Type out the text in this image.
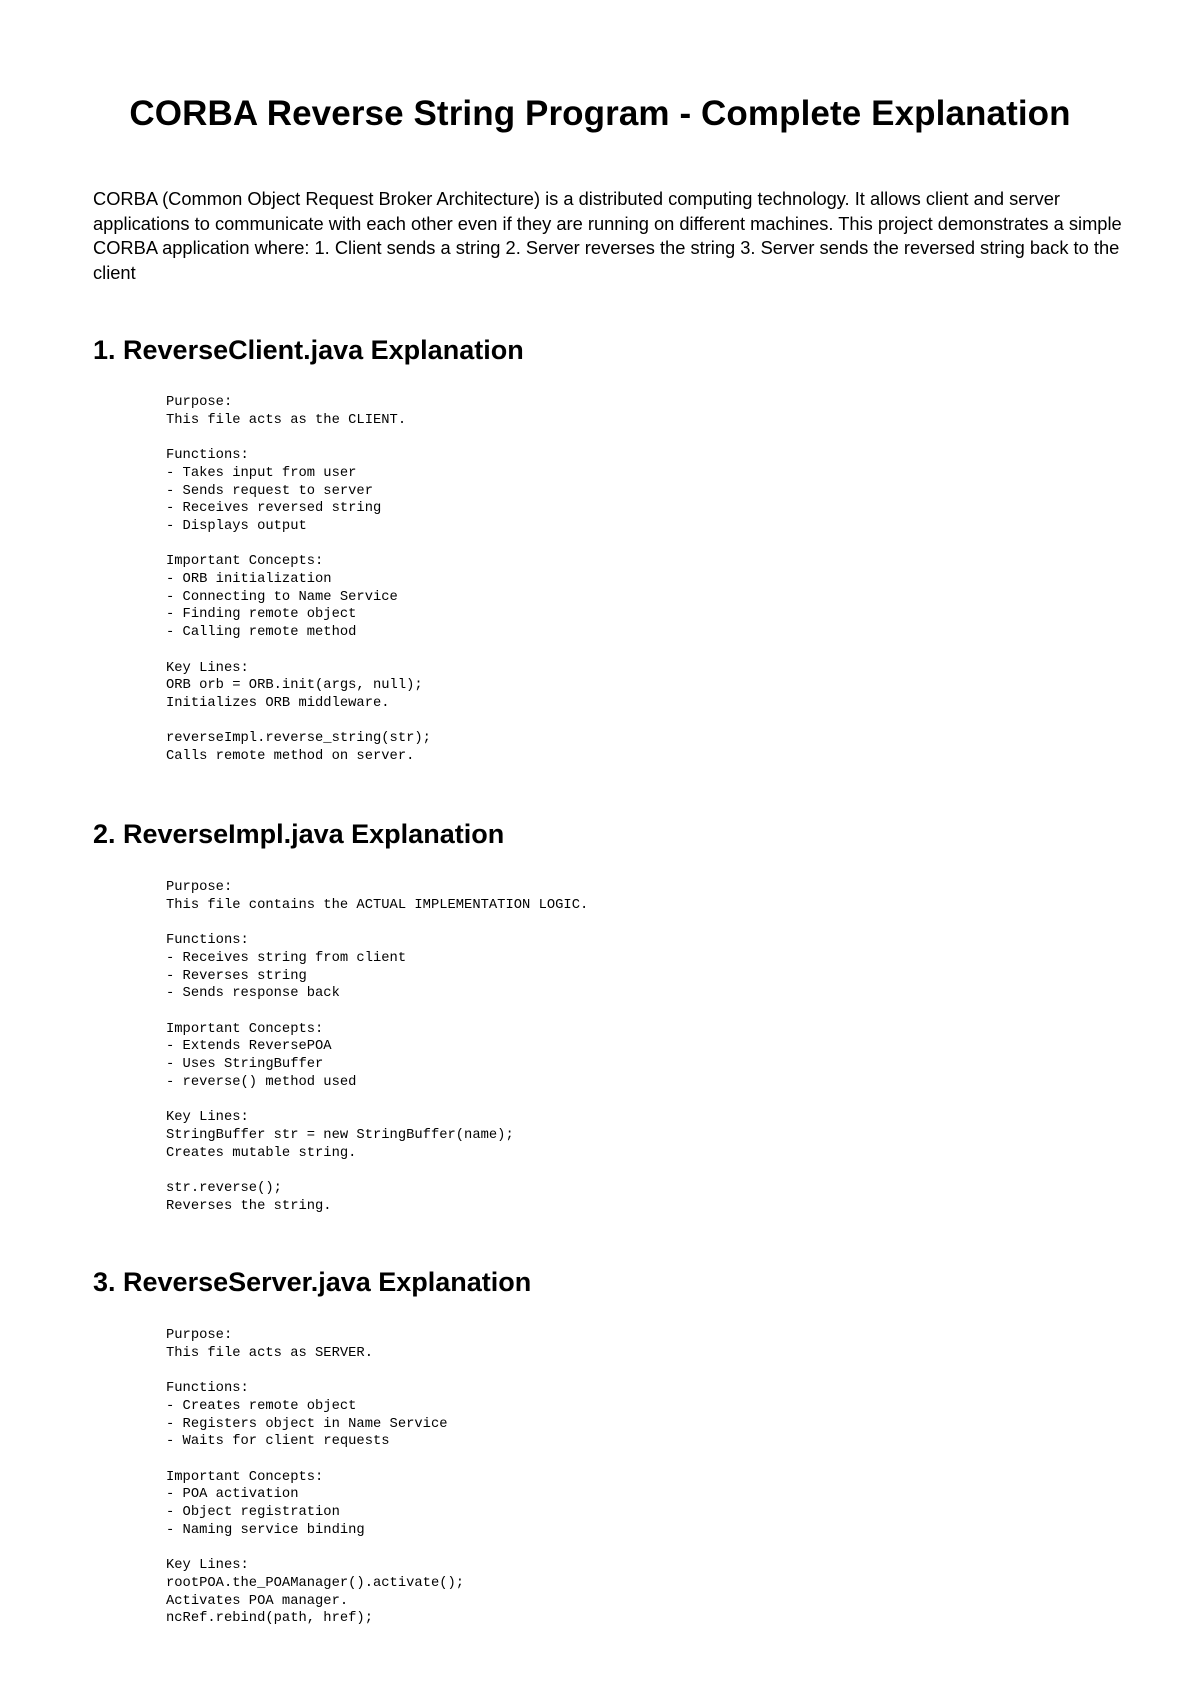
CORBA Reverse String Program - Complete Explanation

CORBA (Common Object Request Broker Architecture) is a distributed computing technology. It allows client and server applications to communicate with each other even if they are running on different machines. This project demonstrates a simple CORBA application where: 1. Client sends a string 2. Server reverses the string 3. Server sends the reversed string back to the client

1. ReverseClient.java Explanation
Purpose:
This file acts as the CLIENT.

Functions:
- Takes input from user
- Sends request to server
- Receives reversed string
- Displays output

Important Concepts:
- ORB initialization
- Connecting to Name Service
- Finding remote object
- Calling remote method

Key Lines:
ORB orb = ORB.init(args, null);
Initializes ORB middleware.

reverseImpl.reverse_string(str);
Calls remote method on server.
2. ReverseImpl.java Explanation
Purpose:
This file contains the ACTUAL IMPLEMENTATION LOGIC.

Functions:
- Receives string from client
- Reverses string
- Sends response back

Important Concepts:
- Extends ReversePOA
- Uses StringBuffer
- reverse() method used

Key Lines:
StringBuffer str = new StringBuffer(name);
Creates mutable string.

str.reverse();
Reverses the string.
3. ReverseServer.java Explanation
Purpose:
This file acts as SERVER.

Functions:
- Creates remote object
- Registers object in Name Service
- Waits for client requests

Important Concepts:
- POA activation
- Object registration
- Naming service binding

Key Lines:
rootPOA.the_POAManager().activate();
Activates POA manager.
ncRef.rebind(path, href);
